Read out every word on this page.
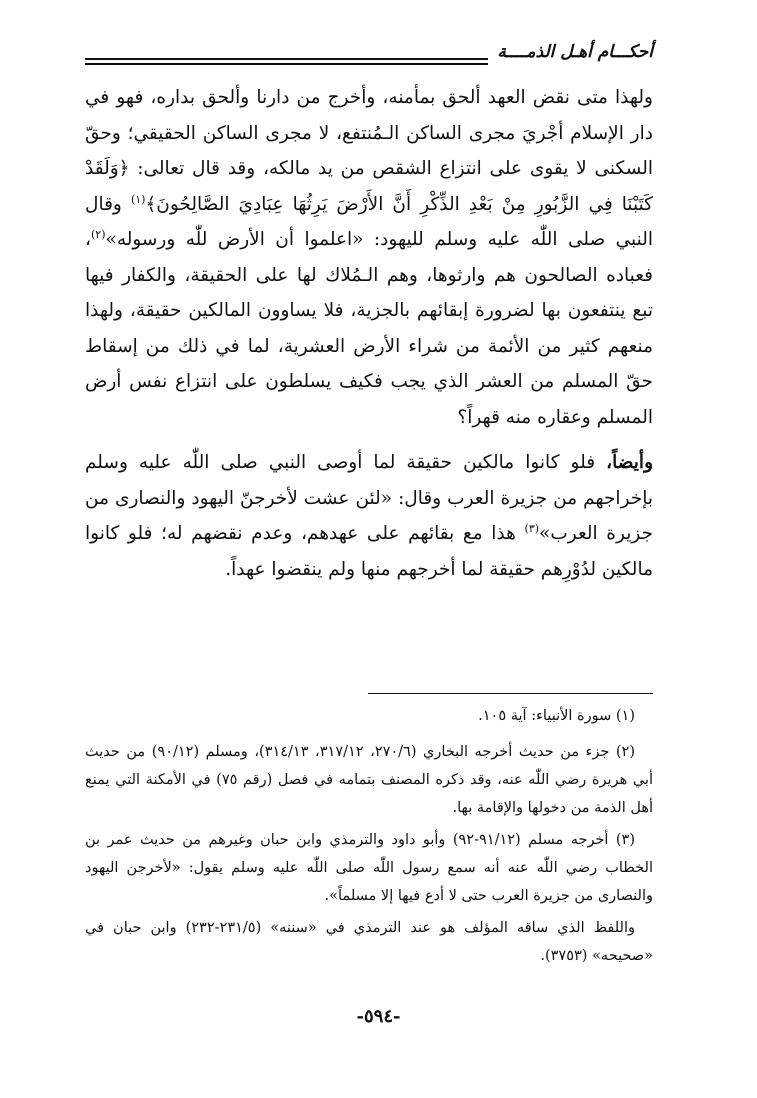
أحكـــام أهـل الذمــــة

ولهذا متى نقض العهد ألحق بمأمنه، وأخرج من دارنا وألحق بداره، فهو في دار الإسلام أجْريَ مجرى الساكن الـمُنتفع، لا مجرى الساكن الحقيقي؛ وحقّ السكنى لا يقوى على انتزاع الشقص من يد مالكه، وقد قال تعالى: ﴿وَلَقَدْ كَتَبْنَا فِي الزَّبُورِ مِنْ بَعْدِ الذِّكْرِ أَنَّ الأَرْضَ يَرِثُهَا عِبَادِيَ الصَّالِحُونَ﴾$^{(١)}$ وقال النبي صلى اللّٰه عليه وسلم لليهود: «اعلموا أن الأرض للّٰه ورسوله»$^{(٢)}$، فعباده الصالحون هم وارثوها، وهم الـمُلاك لها على الحقيقة، والكفار فيها تبع ينتفعون بها لضرورة إبقائهم بالجزية، فلا يساوون المالكين حقيقة، ولهذا منعهم كثير من الأئمة من شراء الأرض العشرية، لما في ذلك من إسقاط حقّ المسلم من العشر الذي يجب فكيف يسلطون على انتزاع نفس أرض المسلم وعقاره منه قهراً؟

وأيضاً، فلو كانوا مالكين حقيقة لما أوصى النبي صلى اللّٰه عليه وسلم بإخراجهم من جزيرة العرب وقال: «لئن عشت لأخرجنّ اليهود والنصارى من جزيرة العرب»$^{(٣)}$ هذا مع بقائهم على عهدهم، وعدم نقضهم له؛ فلو كانوا مالكين لدُوْرِهم حقيقة لما أخرجهم منها ولم ينقضوا عهداً.

(١) سورة الأنبياء: آية ١٠٥.

(٢) جزء من حديث أخرجه البخاري (٢٧٠/٦، ٣١٧/١٢، ٣١٤/١٣)، ومسلم (٩٠/١٢) من حديث أبي هريرة رضي اللّٰه عنه، وقد ذكره المصنف بتمامه في فصل (رقم ٧٥) في الأمكنة التي يمنع أهل الذمة من دخولها والإقامة بها.

(٣) أخرجه مسلم (٩١/١٢-٩٢) وأبو داود والترمذي وابن حبان وغيرهم من حديث عمر بن الخطاب رضي اللّٰه عنه أنه سمع رسول اللّٰه صلى اللّٰه عليه وسلم يقول: «لأخرجن اليهود والنصارى من جزيرة العرب حتى لا أدع فيها إلا مسلماً».

واللفظ الذي ساقه المؤلف هو عند الترمذي في «سننه» (٢٣١/٥-٢٣٢) وابن حبان في «صحيحه» (٣٧٥٣).

-٥٩٤-
